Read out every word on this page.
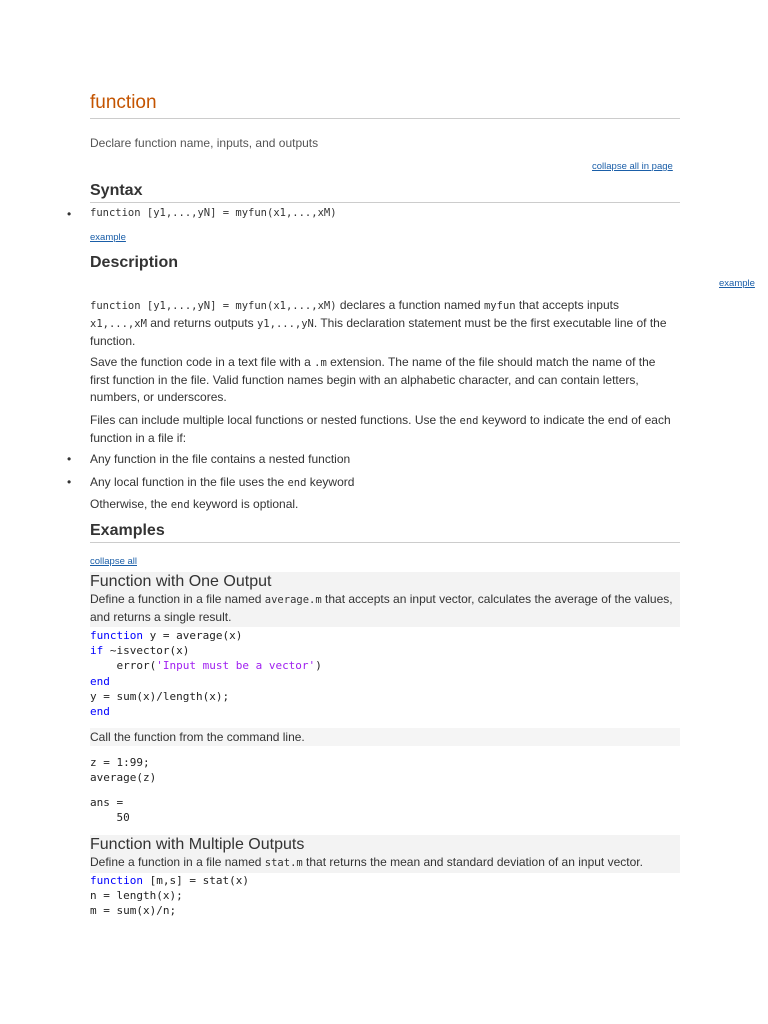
function
Declare function name, inputs, and outputs
collapse all in page
Syntax
• function [y1,...,yN] = myfun(x1,...,xM)
example
Description
example

function [y1,...,yN] = myfun(x1,...,xM) declares a function named myfun that accepts inputs x1,...,xM and returns outputs y1,...,yN. This declaration statement must be the first executable line of the function.

Save the function code in a text file with a .m extension. The name of the file should match the name of the first function in the file. Valid function names begin with an alphabetic character, and can contain letters, numbers, or underscores.

Files can include multiple local functions or nested functions. Use the end keyword to indicate the end of each function in a file if:

• Any function in the file contains a nested function
• Any local function in the file uses the end keyword
Otherwise, the end keyword is optional.
Examples
collapse all
Function with One Output

Define a function in a file named average.m that accepts an input vector, calculates the average of the values, and returns a single result.

function y = average(x)
if ~isvector(x)
error('Input must be a vector')
end
y = sum(x)/length(x);
end
Call the function from the command line.
z = 1:99;
average(z)
ans =
50
Function with Multiple Outputs

Define a function in a file named stat.m that returns the mean and standard deviation of an input vector.

function [m,s] = stat(x)
n = length(x);
m = sum(x)/n;
